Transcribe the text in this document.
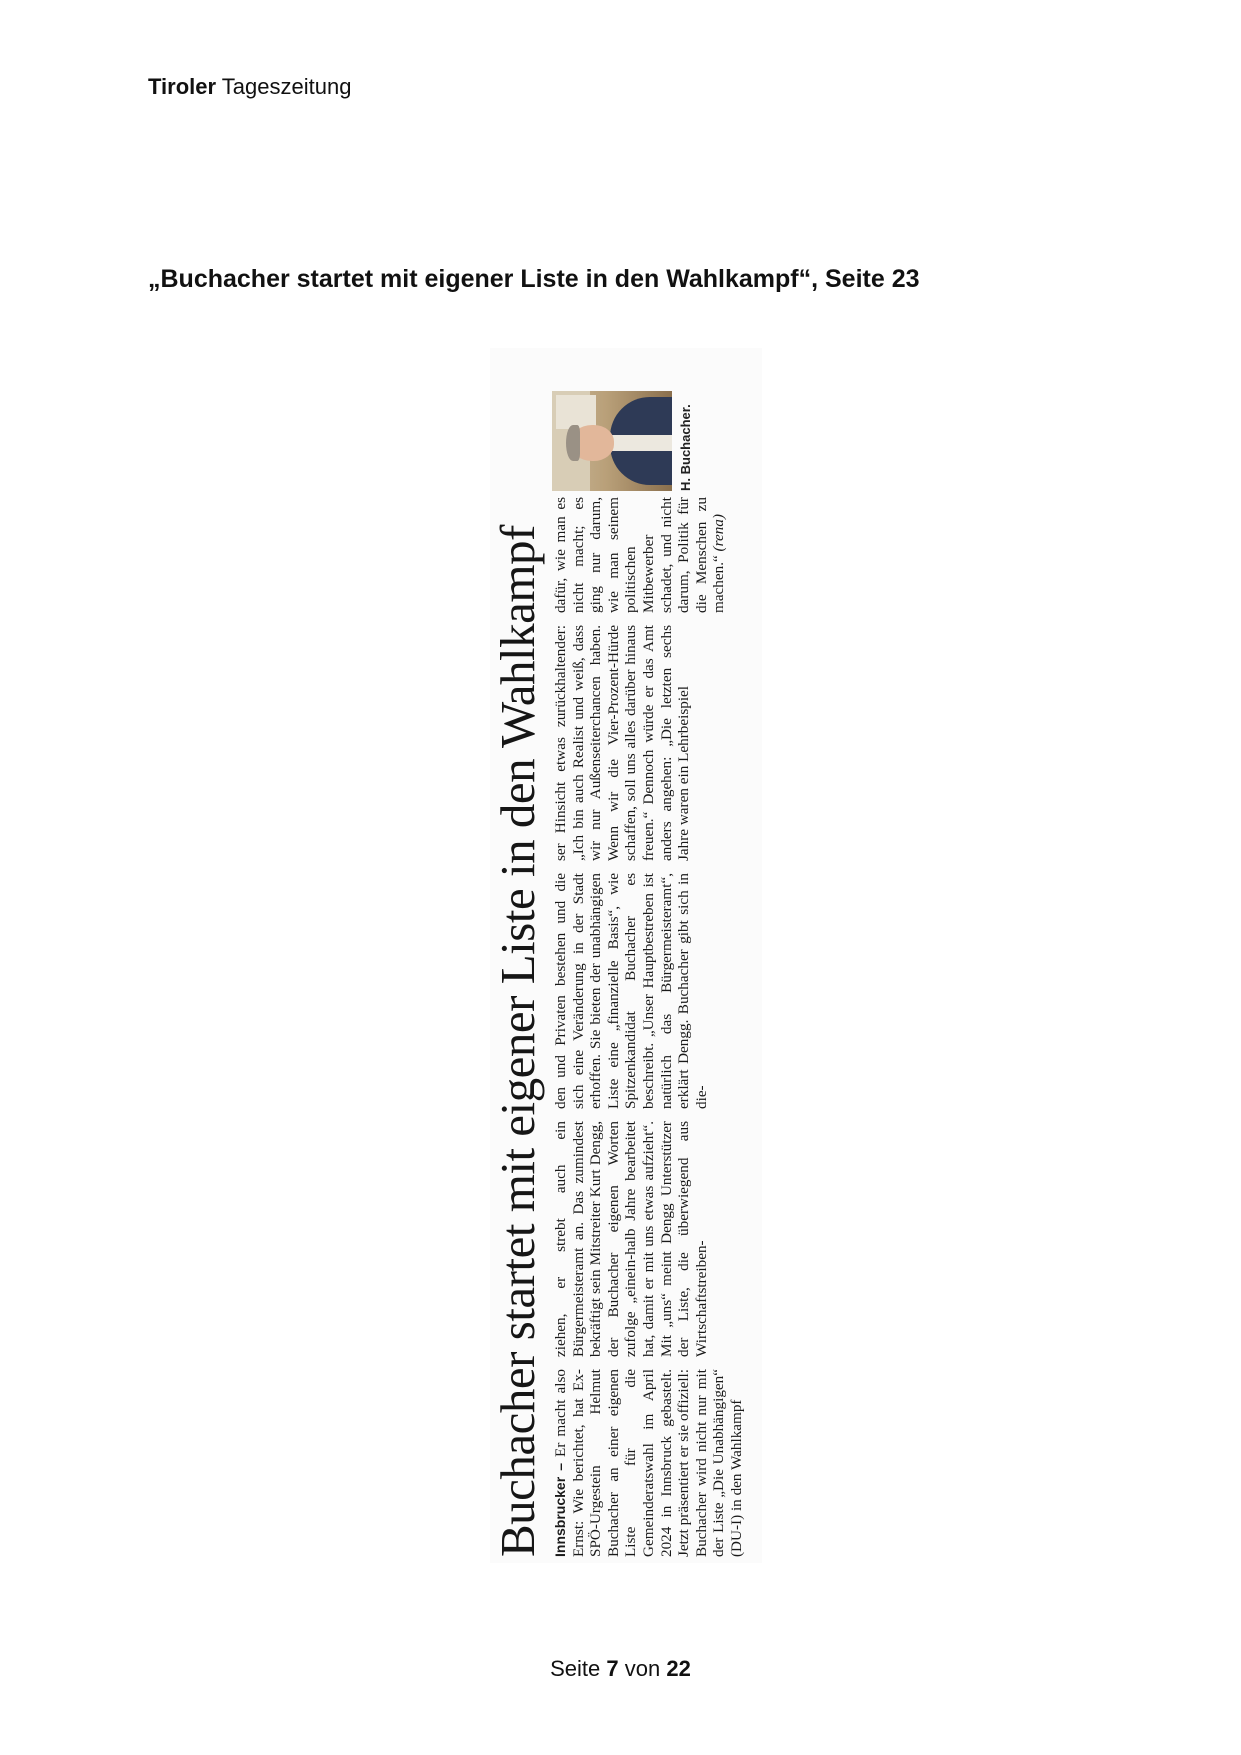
Tiroler Tageszeitung
„Buchacher startet mit eigener Liste in den Wahlkampf“, Seite 23
Buchacher startet mit eigener Liste in den Wahlkampf Innsbrucker – Er macht also Ernst: Wie berichtet, hat Ex-SPÖ-Urgestein Helmut Buchacher an einer eigenen Liste für die Gemeinderatswahl im April 2024 in Innsbruck gebastelt. Jetzt präsentiert er sie offiziell: Buchacher wird nicht nur mit der Liste „Die Unabhängigen“ (DU-I) in den Wahlkampf

ziehen, er strebt auch ein Bürgermeisteramt an. Das zumindest bekräftigt sein Mitstreiter Kurt Dengg, der Buchacher eigenen Worten zufolge „einein-halb Jahre bearbeitet hat, damit er mit uns etwas aufzieht“. Mit „uns“ meint Dengg Unterstützer der Liste, die überwiegend aus Wirtschaftstreiben-

den und Privaten bestehen und die sich eine Veränderung in der Stadt erhoffen. Sie bieten der unabhängigen Liste eine „finanzielle Basis“, wie Spitzenkandidat Buchacher es beschreibt. „Unser Hauptbestreben ist natürlich das Bürgermeisteramt“, erklärt Dengg. Buchacher gibt sich in die-

ser Hinsicht etwas zurückhaltender: „Ich bin auch Realist und weiß, dass wir nur Außenseiterchancen haben. Wenn wir die Vier-Prozent-Hürde schaffen, soll uns alles darüber hinaus freuen.“ Dennoch würde er das Amt anders angehen: „Die letzten sechs Jahre waren ein Lehrbeispiel

dafür, wie man es nicht macht; es ging nur darum, wie man seinem politischen Mitbewerber schadet, und nicht darum, Politik für die Menschen zu machen.“ (rena)

H. Buchacher.
Seite 7 von 22
